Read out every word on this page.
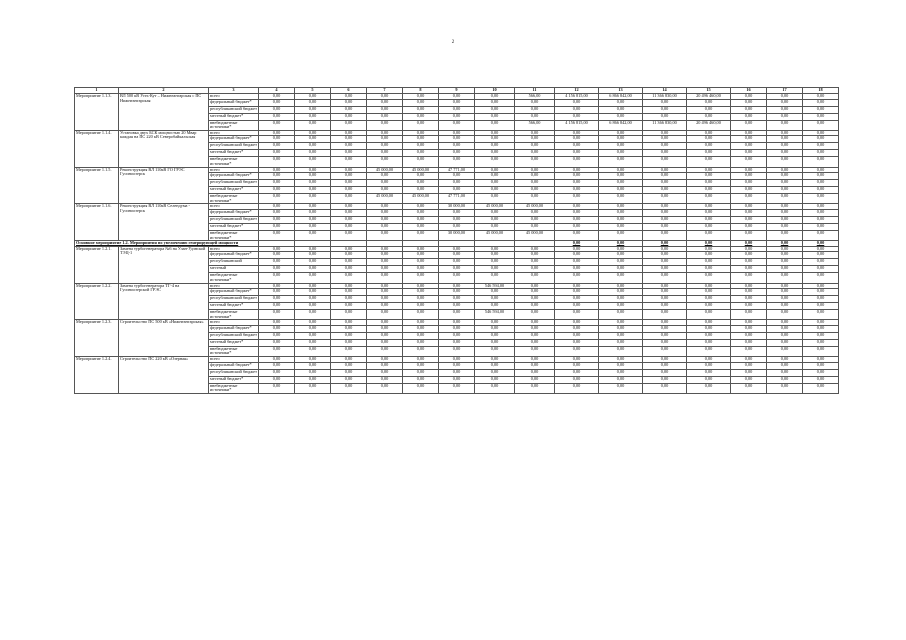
2
1	2	3	4	5	6	7	8	9	10	11	12	13	14	15	16	17	18
Мероприятие 1.1.3.	ВЛ 500 кВ Усть-Кут – Нижнеангарская с ПС Нижнеангарская	всего	0,00	0,00	0,00	0,00	0,00	0,00	0,00	566,00	4 156 815,00	6 866 842,00	11 366 830,00	20 496 460,00	0,00	0,00	0,00
		федеральный бюджет*	0,00	0,00	0,00	0,00	0,00	0,00	0,00	0,00	0,00	0,00	0,00	0,00	0,00	0,00	0,00
		республиканский бюджет	0,00	0,00	0,00	0,00	0,00	0,00	0,00	0,00	0,00	0,00	0,00	0,00	0,00	0,00	0,00
		местный бюджет*	0,00	0,00	0,00	0,00	0,00	0,00	0,00	0,00	0,00	0,00	0,00	0,00	0,00	0,00	0,00
		внебюджетные источники*	0,00	0,00	0,00	0,00	0,00	0,00	0,00	566,00	4 156 815,00	6 866 842,00	11 366 830,00	20 496 460,00	0,00	0,00	0,00
Мероприятие 1.1.4.	Установка двух БСК мощностью 20 Мвар каждая на ПС 220 кВ Северобайкальская	всего	0,00	0,00	0,00	0,00	0,00	0,00	0,00	0,00	0,00	0,00	0,00	0,00	0,00	0,00	0,00
		федеральный бюджет*	0,00	0,00	0,00	0,00	0,00	0,00	0,00	0,00	0,00	0,00	0,00	0,00	0,00	0,00	0,00
		республиканский бюджет	0,00	0,00	0,00	0,00	0,00	0,00	0,00	0,00	0,00	0,00	0,00	0,00	0,00	0,00	0,00
		местный бюджет*	0,00	0,00	0,00	0,00	0,00	0,00	0,00	0,00	0,00	0,00	0,00	0,00	0,00	0,00	0,00
		внебюджетные источники*	0,00	0,00	0,00	0,00	0,00	0,00	0,00	0,00	0,00	0,00	0,00	0,00	0,00	0,00	0,00
Мероприятие 1.1.5.	Реконструкция ВЛ 110кВ ГО ГРЭС Гусиноозерск	всего	0,00	0,00	0,00	45 000,00	45 000,00	47 771,00	0,00	0,00	0,00	0,00	0,00	0,00	0,00	0,00	0,00
		федеральный бюджет*	0,00	0,00	0,00	0,00	0,00	0,00	0,00	0,00	0,00	0,00	0,00	0,00	0,00	0,00	0,00
		республиканский бюджет	0,00	0,00	0,00	0,00	0,00	0,00	0,00	0,00	0,00	0,00	0,00	0,00	0,00	0,00	0,00
		местный бюджет*	0,00	0,00	0,00	0,00	0,00	0,00	0,00	0,00	0,00	0,00	0,00	0,00	0,00	0,00	0,00
		внебюджетные источники*	0,00	0,00	0,00	45 000,00	45 000,00	47 771,00	0,00	0,00	0,00	0,00	0,00	0,00	0,00	0,00	0,00
Мероприятие 1.1.6.	Реконструкция ВЛ 110кВ Селендума - Гусиноозерск	всего	0,00	0,00	0,00	0,00	0,00	30 000,00	45 000,00	45 000,00	0,00	0,00	0,00	0,00	0,00	0,00	0,00
		федеральный бюджет*	0,00	0,00	0,00	0,00	0,00	0,00	0,00	0,00	0,00	0,00	0,00	0,00	0,00	0,00	0,00
		республиканский бюджет	0,00	0,00	0,00	0,00	0,00	0,00	0,00	0,00	0,00	0,00	0,00	0,00	0,00	0,00	0,00
		местный бюджет*	0,00	0,00	0,00	0,00	0,00	0,00	0,00	0,00	0,00	0,00	0,00	0,00	0,00	0,00	0,00
		внебюджетные источники*	0,00	0,00	0,00	0,00	0,00	30 000,00	45 000,00	45 000,00	0,00	0,00	0,00	0,00	0,00	0,00	0,00
Основное мероприятие 1.2. Мероприятия по увеличению генерирующей мощности											0,00	0,00	0,00	0,00	0,00	0,00	0,00
Мероприятие 1.2.1.	Замена турбогенератора №6 на Улан-Удэнской ТЭЦ-1	всего	0,00	0,00	0,00	0,00	0,00	0,00	0,00	0,00	0,00	0,00	0,00	0,00	0,00	0,00	0,00
		федеральный бюджет*	0,00	0,00	0,00	0,00	0,00	0,00	0,00	0,00	0,00	0,00	0,00	0,00	0,00	0,00	0,00
		республиканский	0,00	0,00	0,00	0,00	0,00	0,00	0,00	0,00	0,00	0,00	0,00	0,00	0,00	0,00	0,00
		местный	0,00	0,00	0,00	0,00	0,00	0,00	0,00	0,00	0,00	0,00	0,00	0,00	0,00	0,00	0,00
		внебюджетные источники*	0,00	0,00	0,00	0,00	0,00	0,00	0,00	0,00	0,00	0,00	0,00	0,00	0,00	0,00	0,00
Мероприятие 1.2.2.	Замена турбогенератора ТГ-4 на Гусиноозерской ГРЭС	всего	0,00	0,00	0,00	0,00	0,00	0,00	546 594,00	0,00	0,00	0,00	0,00	0,00	0,00	0,00	0,00
		федеральный бюджет*	0,00	0,00	0,00	0,00	0,00	0,00	0,00	0,00	0,00	0,00	0,00	0,00	0,00	0,00	0,00
		республиканский бюджет	0,00	0,00	0,00	0,00	0,00	0,00	0,00	0,00	0,00	0,00	0,00	0,00	0,00	0,00	0,00
		местный бюджет*	0,00	0,00	0,00	0,00	0,00	0,00	0,00	0,00	0,00	0,00	0,00	0,00	0,00	0,00	0,00
		внебюджетные источники*	0,00	0,00	0,00	0,00	0,00	0,00	546 594,00	0,00	0,00	0,00	0,00	0,00	0,00	0,00	0,00
Мероприятие 1.2.3.	Строительство ПС 500 кВ «Нижнеангарская»	всего	0,00	0,00	0,00	0,00	0,00	0,00	0,00	0,00	0,00	0,00	0,00	0,00	0,00	0,00	0,00
		федеральный бюджет*	0,00	0,00	0,00	0,00	0,00	0,00	0,00	0,00	0,00	0,00	0,00	0,00	0,00	0,00	0,00
		республиканский бюджет	0,00	0,00	0,00	0,00	0,00	0,00	0,00	0,00	0,00	0,00	0,00	0,00	0,00	0,00	0,00
		местный бюджет*	0,00	0,00	0,00	0,00	0,00	0,00	0,00	0,00	0,00	0,00	0,00	0,00	0,00	0,00	0,00
		внебюджетные источники*	0,00	0,00	0,00	0,00	0,00	0,00	0,00	0,00	0,00	0,00	0,00	0,00	0,00	0,00	0,00
Мероприятие 1.2.4.	Строительство ПС 220 кВ «Озерная»	всего	0,00	0,00	0,00	0,00	0,00	0,00	0,00	0,00	0,00	0,00	0,00	0,00	0,00	0,00	0,00
		федеральный бюджет*	0,00	0,00	0,00	0,00	0,00	0,00	0,00	0,00	0,00	0,00	0,00	0,00	0,00	0,00	0,00
		республиканский бюджет	0,00	0,00	0,00	0,00	0,00	0,00	0,00	0,00	0,00	0,00	0,00	0,00	0,00	0,00	0,00
		местный бюджет*	0,00	0,00	0,00	0,00	0,00	0,00	0,00	0,00	0,00	0,00	0,00	0,00	0,00	0,00	0,00
		внебюджетные источники*	0,00	0,00	0,00	0,00	0,00	0,00	0,00	0,00	0,00	0,00	0,00	0,00	0,00	0,00	0,00
